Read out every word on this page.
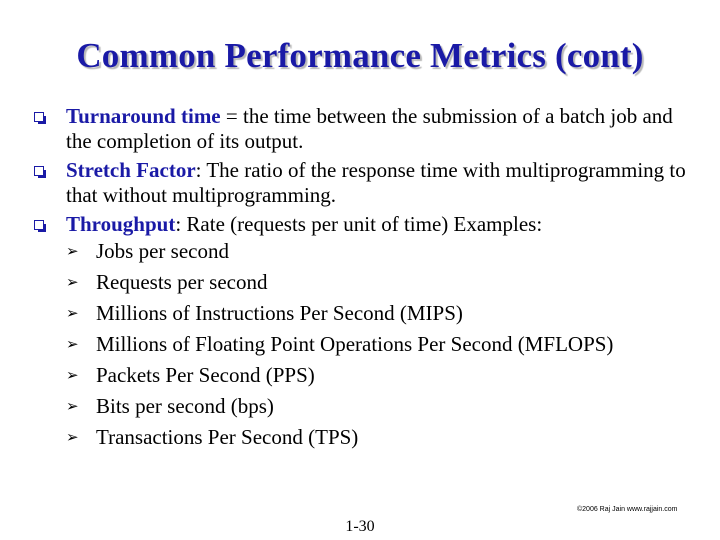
Common Performance Metrics (cont)
Turnaround time = the time between the submission of a batch job and the completion of its output.
Stretch Factor: The ratio of the response time with multiprogramming to that without multiprogramming.
Throughput: Rate (requests per unit of time) Examples:
➢ Jobs per second
➢ Requests per second
➢ Millions of Instructions Per Second (MIPS)
➢ Millions of Floating Point Operations Per Second (MFLOPS)
➢ Packets Per Second (PPS)
➢ Bits per second (bps)
➢ Transactions Per Second (TPS)
©2006 Raj Jain www.rajjain.com
1-30
